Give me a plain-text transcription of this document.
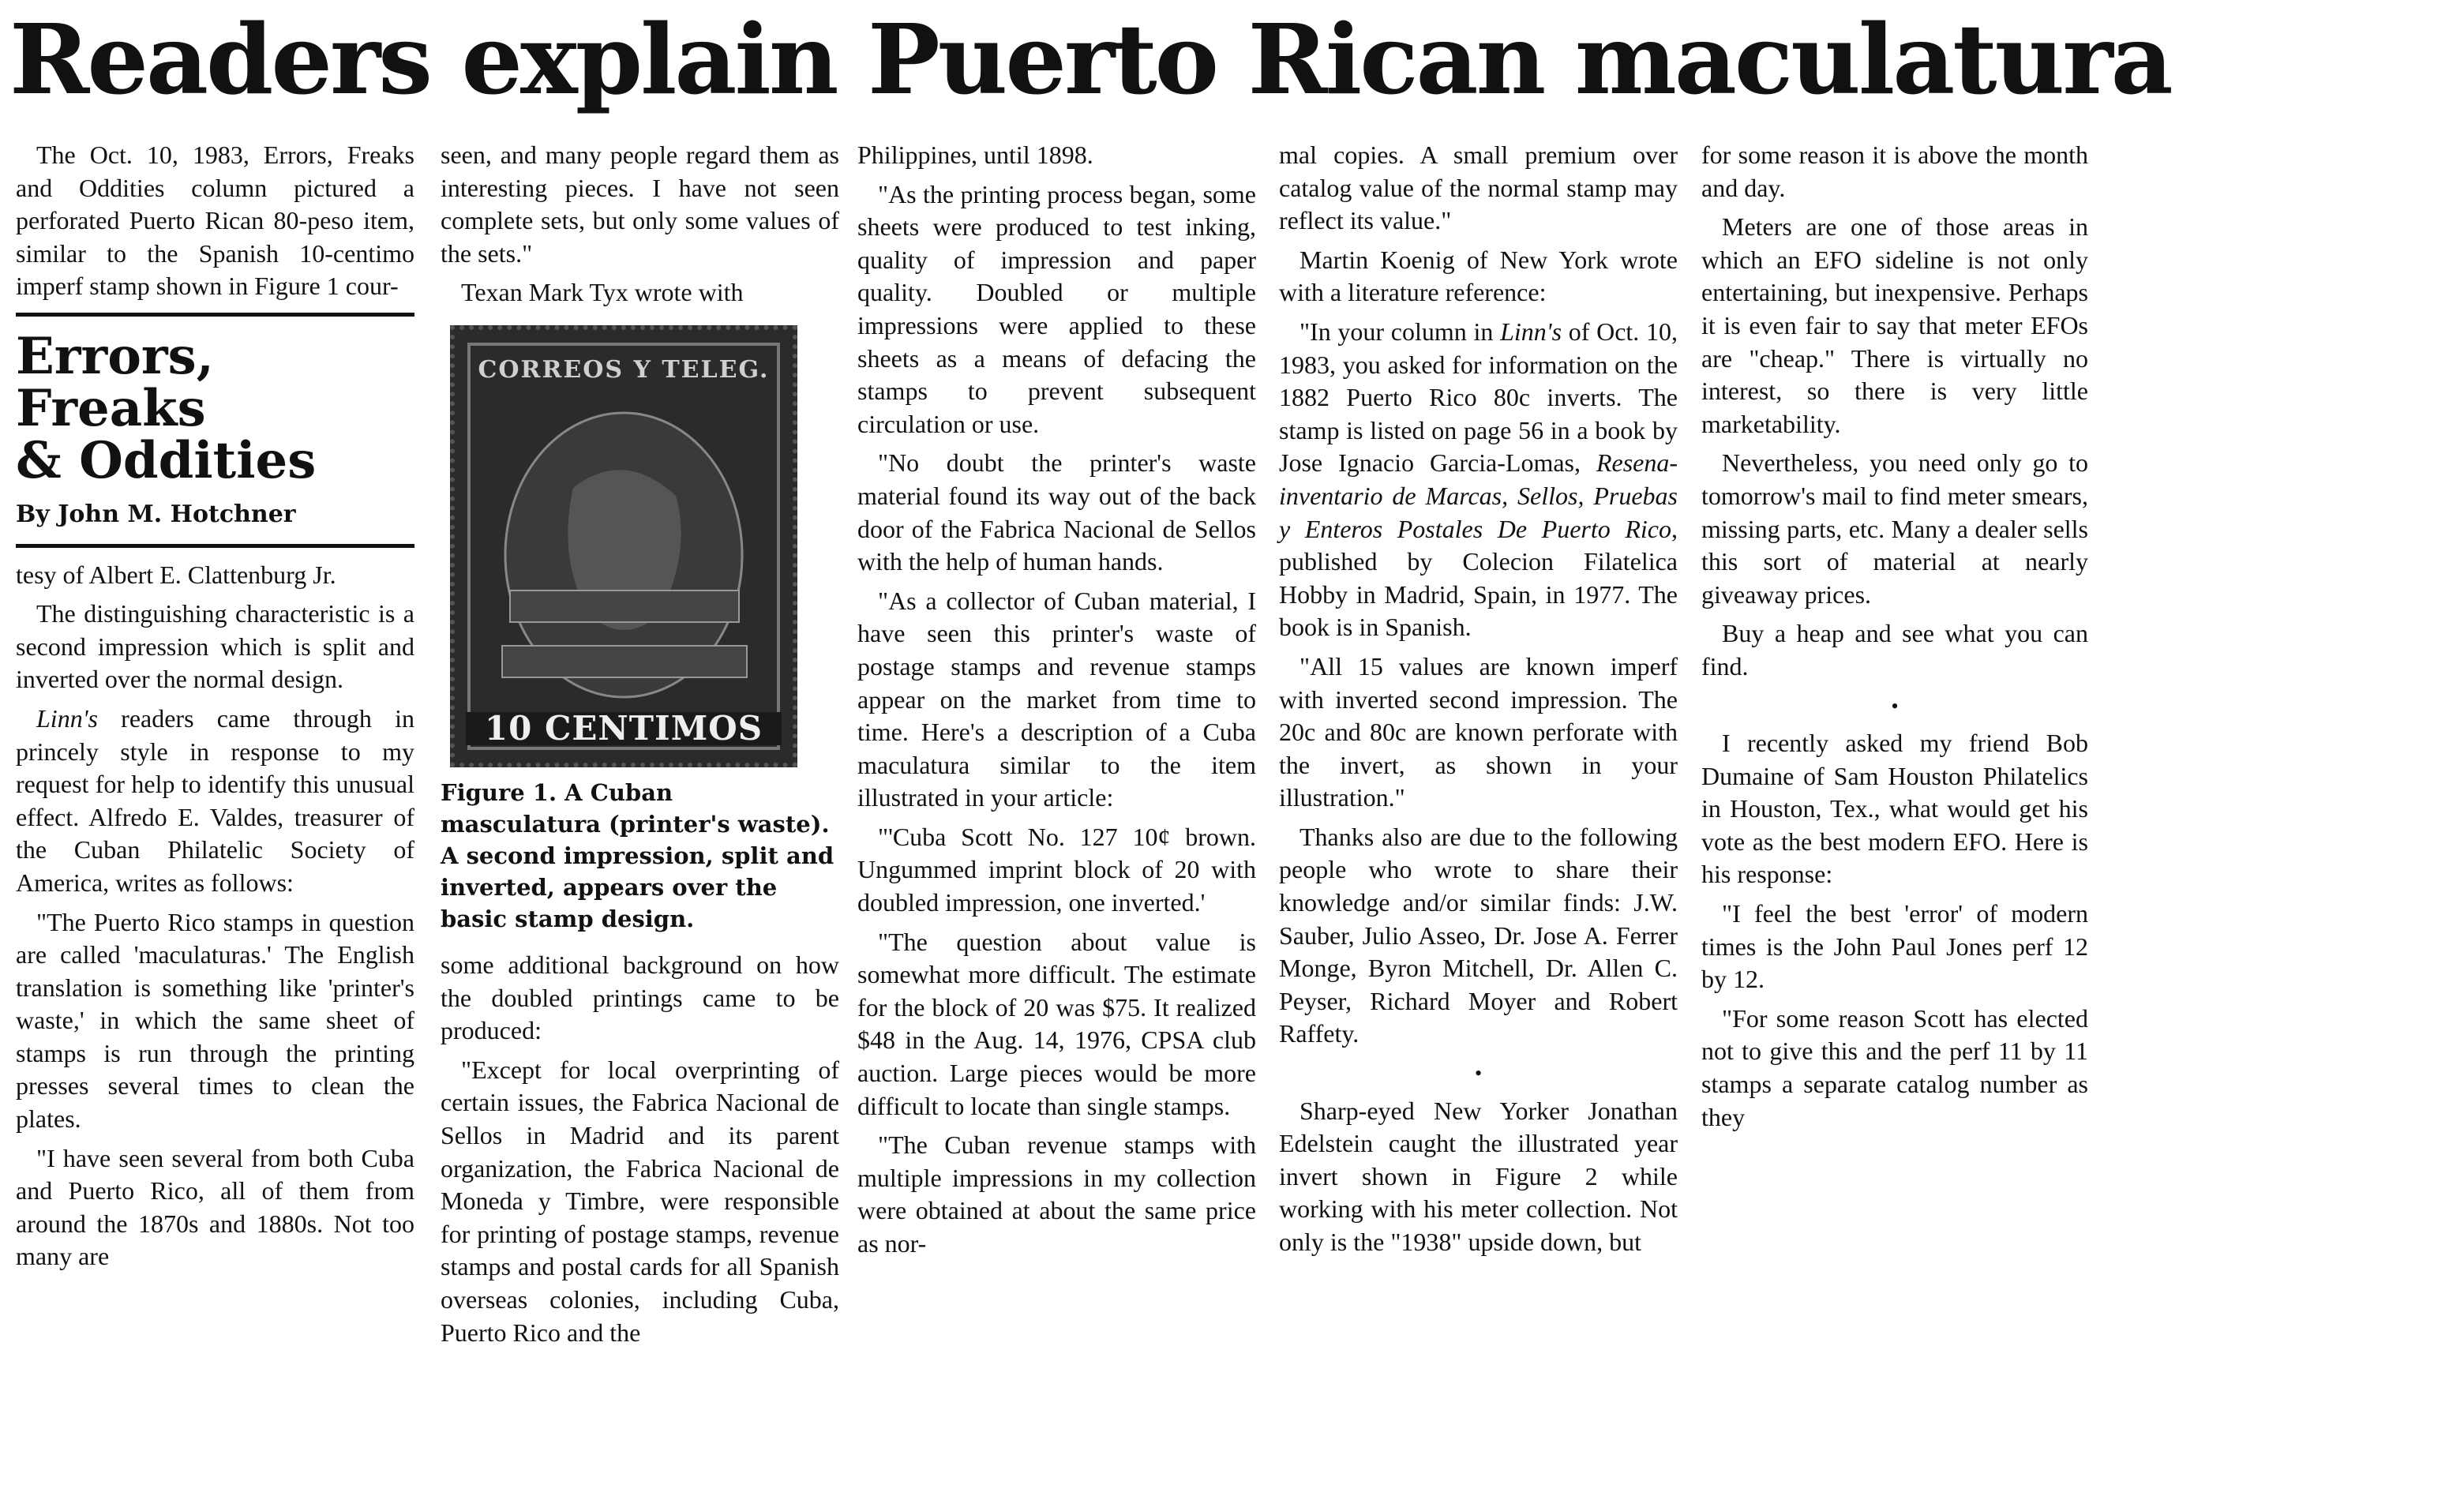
Readers explain Puerto Rican maculatura

The Oct. 10, 1983, Errors, Freaks and Oddities column pictured a perforated Puerto Rican 80-peso item, similar to the Spanish 10-centimo imperf stamp shown in Figure 1 cour-

Errors,
Freaks
& Oddities
By John M. Hotchner

tesy of Albert E. Clattenburg Jr.

The distinguishing characteristic is a second impression which is split and inverted over the normal design.

Linn's readers came through in princely style in response to my request for help to identify this unusual effect. Alfredo E. Valdes, treasurer of the Cuban Philatelic Society of America, writes as follows:

"The Puerto Rico stamps in question are called 'maculaturas.' The English translation is something like 'printer's waste,' in which the same sheet of stamps is run through the printing presses several times to clean the plates.

"I have seen several from both Cuba and Puerto Rico, all of them from around the 1870s and 1880s. Not too many are

seen, and many people regard them as interesting pieces. I have not seen complete sets, but only some values of the sets."

Texan Mark Tyx wrote with

CORREOS Y TELEG.
10 CENTIMOS
Figure 1. A Cuban masculatura (printer's waste). A second impression, split and inverted, appears over the basic stamp design.

some additional background on how the doubled printings came to be produced:

"Except for local overprinting of certain issues, the Fabrica Nacional de Sellos in Madrid and its parent organization, the Fabrica Nacional de Moneda y Timbre, were responsible for printing of postage stamps, revenue stamps and postal cards for all Spanish overseas colonies, including Cuba, Puerto Rico and the

Philippines, until 1898.

"As the printing process began, some sheets were produced to test inking, quality of impression and paper quality. Doubled or multiple impressions were applied to these sheets as a means of defacing the stamps to prevent subsequent circulation or use.

"No doubt the printer's waste material found its way out of the back door of the Fabrica Nacional de Sellos with the help of human hands.

"As a collector of Cuban material, I have seen this printer's waste of postage stamps and revenue stamps appear on the market from time to time. Here's a description of a Cuba maculatura similar to the item illustrated in your article:

"'Cuba Scott No. 127 10¢ brown. Ungummed imprint block of 20 with doubled impression, one inverted.'

"The question about value is somewhat more difficult. The estimate for the block of 20 was $75. It realized $48 in the Aug. 14, 1976, CPSA club auction. Large pieces would be more difficult to locate than single stamps.

"The Cuban revenue stamps with multiple impressions in my collection were obtained at about the same price as nor-

mal copies. A small premium over catalog value of the normal stamp may reflect its value."

Martin Koenig of New York wrote with a literature reference:

"In your column in Linn's of Oct. 10, 1983, you asked for information on the 1882 Puerto Rico 80c inverts. The stamp is listed on page 56 in a book by Jose Ignacio Garcia-Lomas, Resena-inventario de Marcas, Sellos, Pruebas y Enteros Postales De Puerto Rico, published by Colecion Filatelica Hobby in Madrid, Spain, in 1977. The book is in Spanish.

"All 15 values are known imperf with inverted second impression. The 20c and 80c are known perforate with the invert, as shown in your illustration."

Thanks also are due to the following people who wrote to share their knowledge and/or similar finds: J.W. Sauber, Julio Asseo, Dr. Jose A. Ferrer Monge, Byron Mitchell, Dr. Allen C. Peyser, Richard Moyer and Robert Raffety.

•

Sharp-eyed New Yorker Jonathan Edelstein caught the illustrated year invert shown in Figure 2 while working with his meter collection. Not only is the "1938" upside down, but

for some reason it is above the month and day.

Meters are one of those areas in which an EFO sideline is not only entertaining, but inexpensive. Perhaps it is even fair to say that meter EFOs are "cheap." There is virtually no interest, so there is very little marketability.

Nevertheless, you need only go to tomorrow's mail to find meter smears, missing parts, etc. Many a dealer sells this sort of material at nearly giveaway prices.

Buy a heap and see what you can find.

•

I recently asked my friend Bob Dumaine of Sam Houston Philatelics in Houston, Tex., what would get his vote as the best modern EFO. Here is his response:

"I feel the best 'error' of modern times is the John Paul Jones perf 12 by 12.

"For some reason Scott has elected not to give this and the perf 11 by 11 stamps a separate catalog number as they
